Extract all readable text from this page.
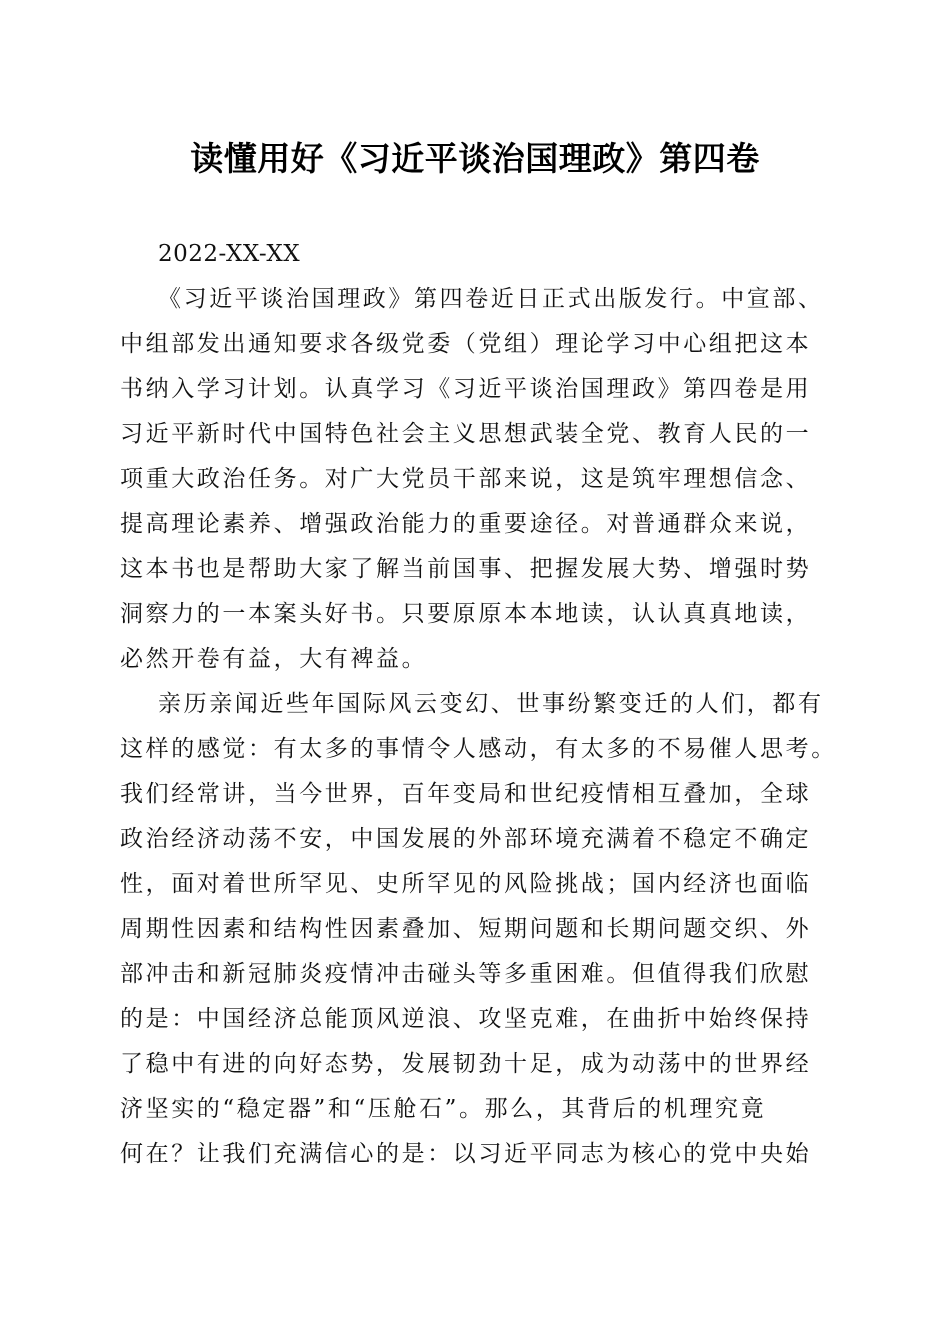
读懂用好《习近平谈治国理政》第四卷
2022-XX-XX
《习近平谈治国理政》第四卷近日正式出版发行。中宣部、
中组部发出通知要求各级党委（党组）理论学习中心组把这本
书纳入学习计划。认真学习《习近平谈治国理政》第四卷是用
习近平新时代中国特色社会主义思想武装全党、教育人民的一
项重大政治任务。对广大党员干部来说，这是筑牢理想信念、
提高理论素养、增强政治能力的重要途径。对普通群众来说，
这本书也是帮助大家了解当前国事、把握发展大势、增强时势
洞察力的一本案头好书。只要原原本本地读，认认真真地读，
必然开卷有益，大有裨益。
亲历亲闻近些年国际风云变幻、世事纷繁变迁的人们，都有
这样的感觉：有太多的事情令人感动，有太多的不易催人思考。
我们经常讲，当今世界，百年变局和世纪疫情相互叠加，全球
政治经济动荡不安，中国发展的外部环境充满着不稳定不确定
性，面对着世所罕见、史所罕见的风险挑战；国内经济也面临
周期性因素和结构性因素叠加、短期问题和长期问题交织、外
部冲击和新冠肺炎疫情冲击碰头等多重困难。但值得我们欣慰
的是：中国经济总能顶风逆浪、攻坚克难，在曲折中始终保持
了稳中有进的向好态势，发展韧劲十足，成为动荡中的世界经
济坚实的“稳定器”和“压舱石”。那么，其背后的机理究竟
何在？让我们充满信心的是：以习近平同志为核心的党中央始
